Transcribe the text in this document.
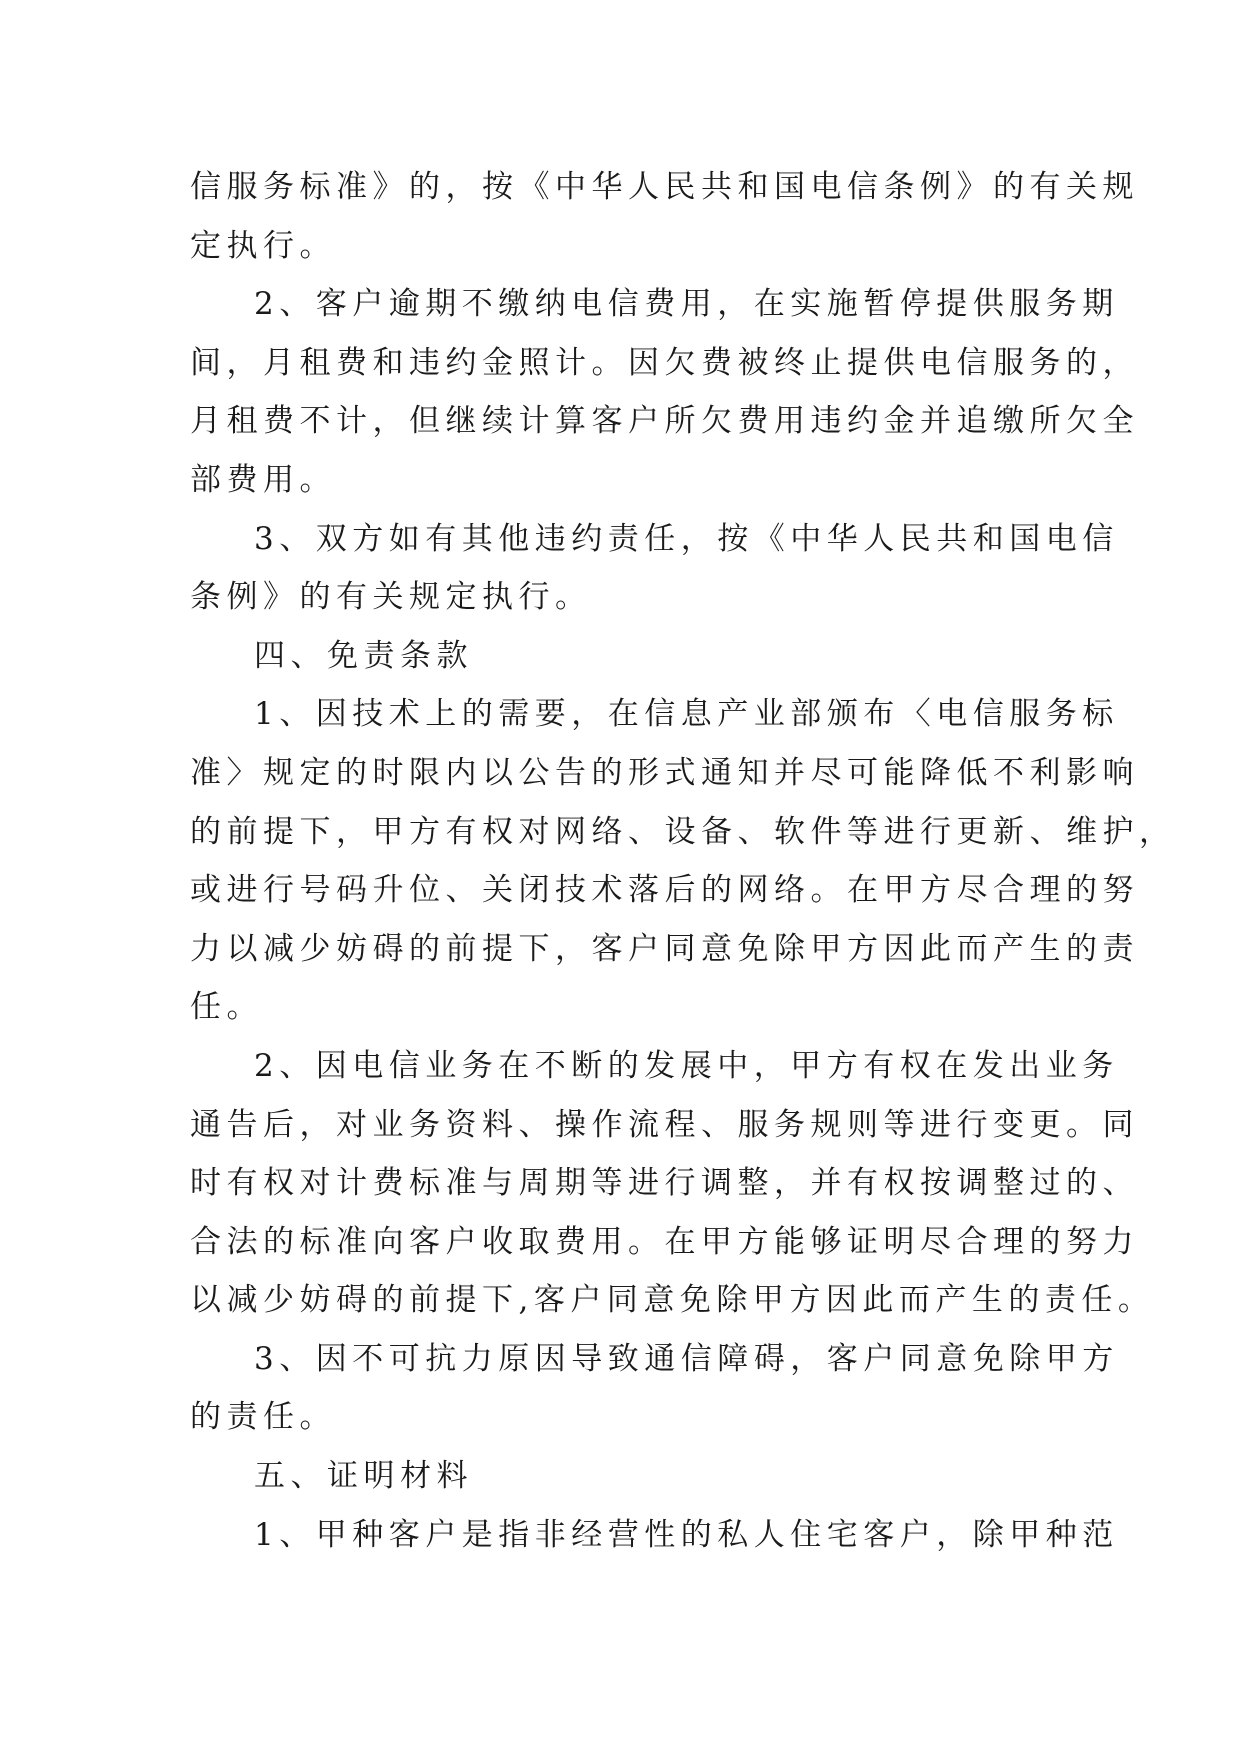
信服务标准》的，按《中华人民共和国电信条例》的有关规
定执行。
2、客户逾期不缴纳电信费用，在实施暂停提供服务期
间，月租费和违约金照计。因欠费被终止提供电信服务的，
月租费不计，但继续计算客户所欠费用违约金并追缴所欠全
部费用。
3、双方如有其他违约责任，按《中华人民共和国电信
条例》的有关规定执行。
四、免责条款
1、因技术上的需要，在信息产业部颁布〈电信服务标
准〉规定的时限内以公告的形式通知并尽可能降低不利影响
的前提下，甲方有权对网络、设备、软件等进行更新、维护，
或进行号码升位、关闭技术落后的网络。在甲方尽合理的努
力以减少妨碍的前提下，客户同意免除甲方因此而产生的责
任。
2、因电信业务在不断的发展中，甲方有权在发出业务
通告后，对业务资料、操作流程、服务规则等进行变更。同
时有权对计费标准与周期等进行调整，并有权按调整过的、
合法的标准向客户收取费用。在甲方能够证明尽合理的努力
以减少妨碍的前提下,客户同意免除甲方因此而产生的责任。
3、因不可抗力原因导致通信障碍，客户同意免除甲方
的责任。
五、证明材料
1、甲种客户是指非经营性的私人住宅客户，除甲种范
